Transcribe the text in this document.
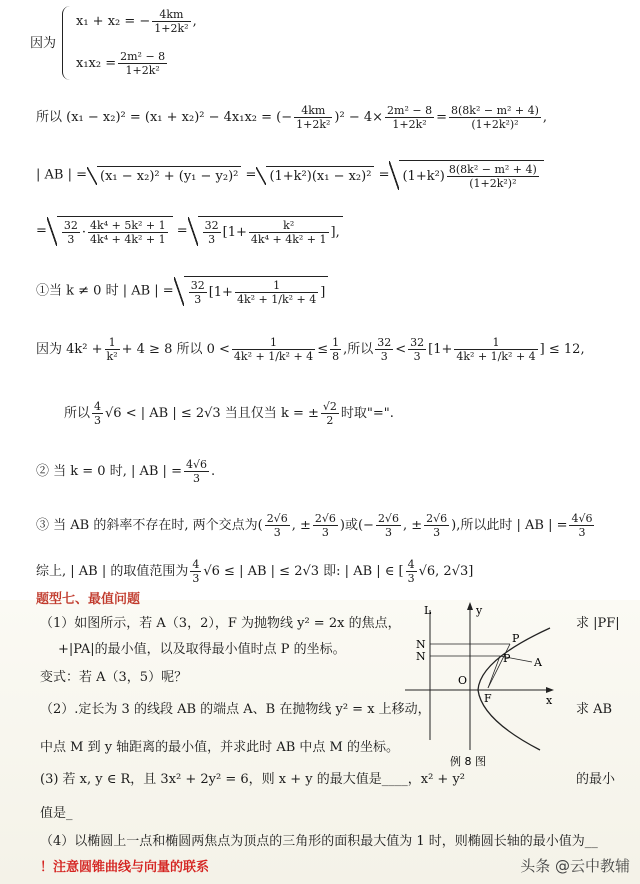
因为
x₁ + x₂ = − $\frac{4km}{\text{1+2k²}}$ ,
$x_1x_2 = \frac{\text{2m² − 8}}{\text{1+2k²}}$
所以 (x₁ − x₂)² = (x₁ + x₂)² − 4x₁x₂ = (− $\frac{4km}{\text{1+2k²}} )^2 - 4\times \frac{\text{2m² − 8}}{\text{1+2k²}} = \frac{\text{8(8k² − m² + 4)}}{\text{(1+2k²)²}}$ ,
| AB | = $(x_1 - x_2)^2 + (y_1 - y_2)^2 = (1+k^2)(x_1 - x_2)^2 = (1+k^2) \frac{\text{8(8k² − m² + 4)}}{\text{(1+2k²)²}}$
= $\frac{32}{3} \cdot \frac{\text{4k⁴ + 5k² + 1}}{\text{4k⁴ + 4k² + 1}} = \frac{32}{3} [1+ \frac{\text{k²}}{\text{4k⁴ + 4k² + 1}}$ ],
①当 k ≠ 0 时 | AB | = $\frac{32}{3} [1+ \frac{1}{\text{4k² + 1/k² + 4}}$ ]
因为 $4k^2 + \frac{1}{\text{k²}} + 4 \ge 8$ 所以 $0 < \frac{1}{\text{4k² + 1/k² + 4}} \le \frac{1}{8}$ ,所以 $\frac{32}{3} < \frac{32}{3} [1+ \frac{1}{\text{4k² + 1/k² + 4}}$ ] ≤ 12,
所以 $\frac{4}{3} √6$ < | AB | ≤ 2√3 当且仅当 k = ± $\frac{√2}{2}$ 时取"=".
② 当 k = 0 时, | AB | = $\frac{4√6}{3}$ .
③ 当 AB 的斜率不存在时, 两个交点为( $\frac{2√6}{3}$ , ± $\frac{2√6}{3}$ )或(− $\frac{2√6}{3}$ , ± $\frac{2√6}{3}$ ),所以此时 | AB | = $\frac{4√6}{3}$
综上, | AB | 的取值范围为 $\frac{4}{3} √6$ ≤ | AB | ≤ 2√3 即: | AB | ∈ [ $\frac{4}{3} √6$, 2√3]
题型七、最值问题
（1）如图所示，若 A（3，2），F 为抛物线 y² = 2x 的焦点，	求 |PF|
+|PA|的最小值，以及取得最小值时点 P 的坐标。
变式：若 A（3，5）呢？
（2）.定长为 3 的线段 AB 的端点 A、B 在抛物线 y² = x 上移动，	求 AB
中点 M 到 y 轴距离的最小值，并求此时 AB 中点 M 的坐标。
(3) 若 x, y ∈ R，且 3x² + 2y² = 6，则 x + y 的最大值是____，x² + y²	的最小
值是_
（4）以椭圆上一点和椭圆两焦点为顶点的三角形的面积最大值为 1 时，则椭圆长轴的最小值为__
！注意圆锥曲线与向量的联系
L	y
N
N
P
P A
O
F	x
例 8 图
头条 @云中教辅
